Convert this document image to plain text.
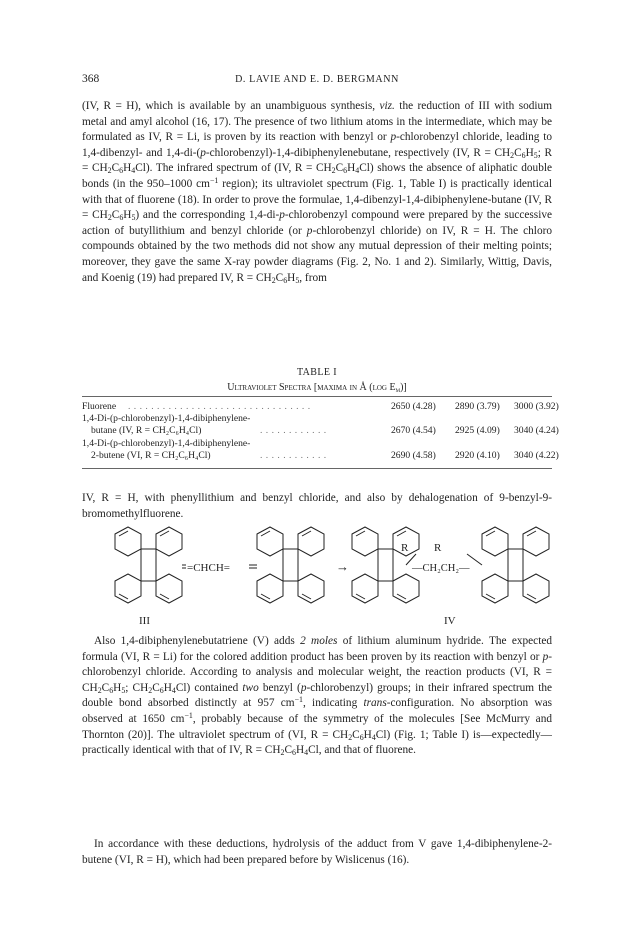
368	D. LAVIE AND E. D. BERGMANN
(IV, R = H), which is available by an unambiguous synthesis, viz. the reduction of III with sodium metal and amyl alcohol (16, 17). The presence of two lithium atoms in the intermediate, which may be formulated as IV, R = Li, is proven by its reaction with benzyl or p-chlorobenzyl chloride, leading to 1,4-dibenzyl- and 1,4-di-(p-chlorobenzyl)-1,4-dibiphenylenebutane, respectively (IV, $R = CH_2C_6H_5$; $R = CH_2C_6H_4Cl$). The infrared spectrum of (IV, $R = CH_2C_6H_4Cl$) shows the absence of aliphatic double bonds (in the 950–1000 $cm^{-1}$ region); its ultraviolet spectrum (Fig. 1, Table I) is practically identical with that of fluorene (18). In order to prove the formulae, 1,4-dibenzyl-1,4-dibiphenylene-butane (IV, $R = CH_2C_6H_5$) and the corresponding 1,4-di-p-chlorobenzyl compound were prepared by the successive action of butyllithium and benzyl chloride (or p-chlorobenzyl chloride) on IV, R = H. The chloro compounds obtained by the two methods did not show any mutual depression of their melting points; moreover, they gave the same X-ray powder diagrams (Fig. 2, No. 1 and 2). Similarly, Wittig, Davis, and Koenig (19) had prepared IV, $R = CH_2C_6H_5$, from
TABLE I
Ultraviolet Spectra [maxima in Å (log $E_m$)]
Fluorene . . . . . . . . . . . . . . . . . . . . . . . . . . . . . . . .	2650 (4.28) 2890 (3.79) 3000 (3.92)
1,4-Di-(p-chlorobenzyl)-1,4-dibiphenylene-
butane (IV, R = CH₂C₆H₄Cl)	. . . . . . . . . . . .	2670 (4.54) 2925 (4.09) 3040 (4.24)
1,4-Di-(p-chlorobenzyl)-1,4-dibiphenylene-
2-butene (VI, R = CH₂C₆H₄Cl)	. . . . . . . . . . . .	2690 (4.58) 2920 (4.10) 3040 (4.22)
IV, R = H, with phenyllithium and benzyl chloride, and also by dehalogenation of 9-benzyl-9-bromomethylfluorene.
=CHCH=	→
R R
—CH₂CH₂—
III	IV
Also 1,4-dibiphenylenebutatriene (V) adds 2 moles of lithium aluminum hydride. The expected formula (VI, R = Li) for the colored addition product has been proven by its reaction with benzyl or p-chlorobenzyl chloride. According to analysis and molecular weight, the reaction products (VI, $R = CH_2C_6H_5$; $CH_2C_6H_4Cl$) contained two benzyl (p-chlorobenzyl) groups; in their infrared spectrum the double bond absorbed distinctly at 957 $cm^{-1}$, indicating trans-configuration. No absorption was observed at 1650 $cm^{-1}$, probably because of the symmetry of the molecules [See McMurry and Thornton (20)]. The ultraviolet spectrum of (VI, $R = CH_2C_6H_4Cl$) (Fig. 1; Table I) is—expectedly—practically identical with that of IV, $R = CH_2C_6H_4Cl$, and that of fluorene.
In accordance with these deductions, hydrolysis of the adduct from V gave 1,4-dibiphenylene-2-butene (VI, R = H), which had been prepared before by Wislicenus (16).
